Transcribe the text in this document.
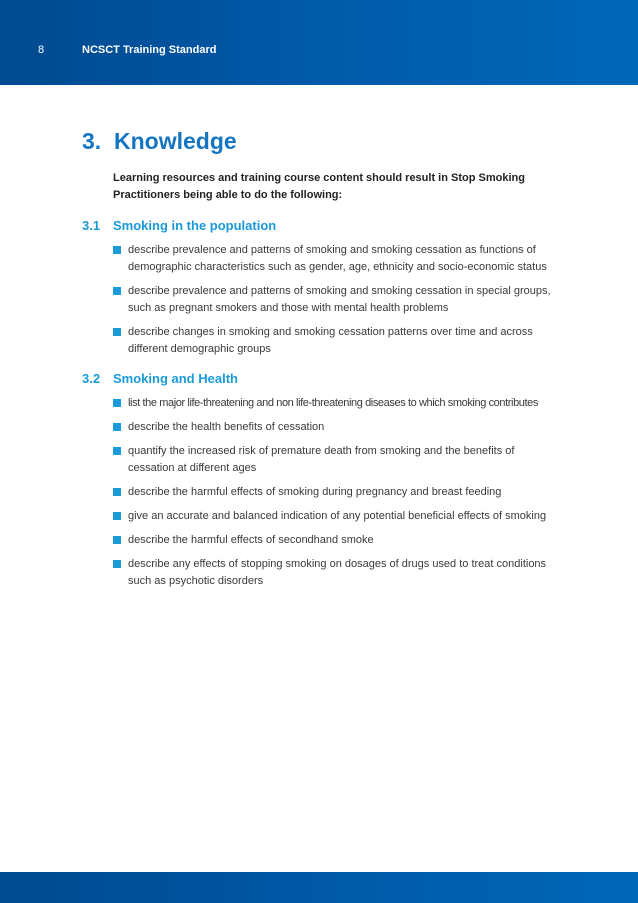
8	NCSCT Training Standard
3. Knowledge

Learning resources and training course content should result in Stop Smoking Practitioners being able to do the following:

3.1 Smoking in the population
describe prevalence and patterns of smoking and smoking cessation as functions of demographic characteristics such as gender, age, ethnicity and socio-economic status
describe prevalence and patterns of smoking and smoking cessation in special groups, such as pregnant smokers and those with mental health problems
describe changes in smoking and smoking cessation patterns over time and across different demographic groups
3.2 Smoking and Health
list the major life-threatening and non life-threatening diseases to which smoking contributes
describe the health benefits of cessation
quantify the increased risk of premature death from smoking and the benefits of cessation at different ages
describe the harmful effects of smoking during pregnancy and breast feeding
give an accurate and balanced indication of any potential beneficial effects of smoking
describe the harmful effects of secondhand smoke
describe any effects of stopping smoking on dosages of drugs used to treat conditions such as psychotic disorders
